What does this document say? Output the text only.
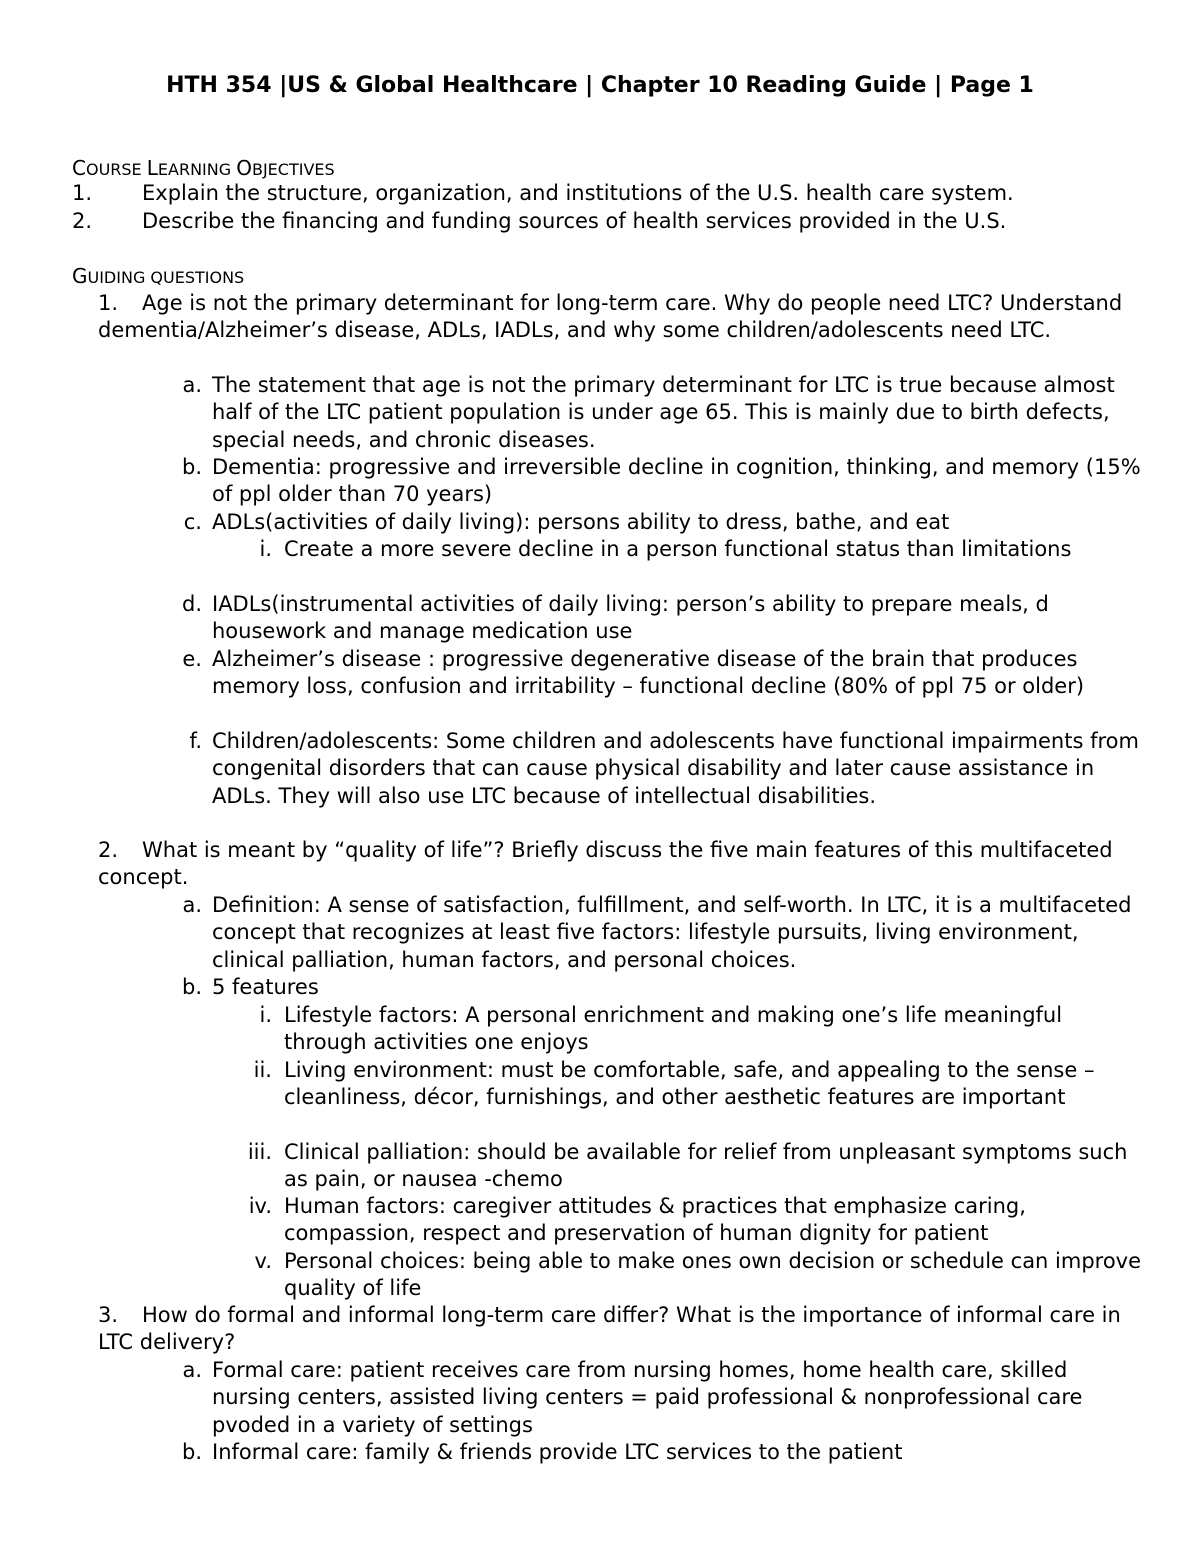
HTH 354 |US & Global Healthcare | Chapter 10 Reading Guide | Page 1
COURSE LEARNING OBJECTIVES
1. Explain the structure, organization, and institutions of the U.S. health care system.
2. Describe the financing and funding sources of health services provided in the U.S.
GUIDING QUESTIONS
1. Age is not the primary determinant for long-term care. Why do people need LTC? Understand dementia/Alzheimer’s disease, ADLs, IADLs, and why some children/adolescents need LTC.
a. The statement that age is not the primary determinant for LTC is true because almost half of the LTC patient population is under age 65. This is mainly due to birth defects, special needs, and chronic diseases.
b. Dementia: progressive and irreversible decline in cognition, thinking, and memory (15% of ppl older than 70 years)
c. ADLs(activities of daily living): persons ability to dress, bathe, and eat
i. Create a more severe decline in a person functional status than limitations
d. IADLs(instrumental activities of daily living: person’s ability to prepare meals, d housework and manage medication use
e. Alzheimer’s disease : progressive degenerative disease of the brain that produces memory loss, confusion and irritability – functional decline (80% of ppl 75 or older)
f. Children/adolescents: Some children and adolescents have functional impairments from congenital disorders that can cause physical disability and later cause assistance in ADLs. They will also use LTC because of intellectual disabilities.
2. What is meant by “quality of life”? Briefly discuss the five main features of this multifaceted concept.
a. Definition: A sense of satisfaction, fulfillment, and self-worth. In LTC, it is a multifaceted concept that recognizes at least five factors: lifestyle pursuits, living environment, clinical palliation, human factors, and personal choices.
b. 5 features
i. Lifestyle factors: A personal enrichment and making one’s life meaningful through activities one enjoys
ii. Living environment: must be comfortable, safe, and appealing to the sense – cleanliness, décor, furnishings, and other aesthetic features are important
iii. Clinical palliation: should be available for relief from unpleasant symptoms such as pain, or nausea -chemo
iv. Human factors: caregiver attitudes & practices that emphasize caring, compassion, respect and preservation of human dignity for patient
v. Personal choices: being able to make ones own decision or schedule can improve quality of life
3. How do formal and informal long-term care differ? What is the importance of informal care in LTC delivery?
a. Formal care: patient receives care from nursing homes, home health care, skilled nursing centers, assisted living centers = paid professional & nonprofessional care pvoded in a variety of settings
b. Informal care: family & friends provide LTC services to the patient
